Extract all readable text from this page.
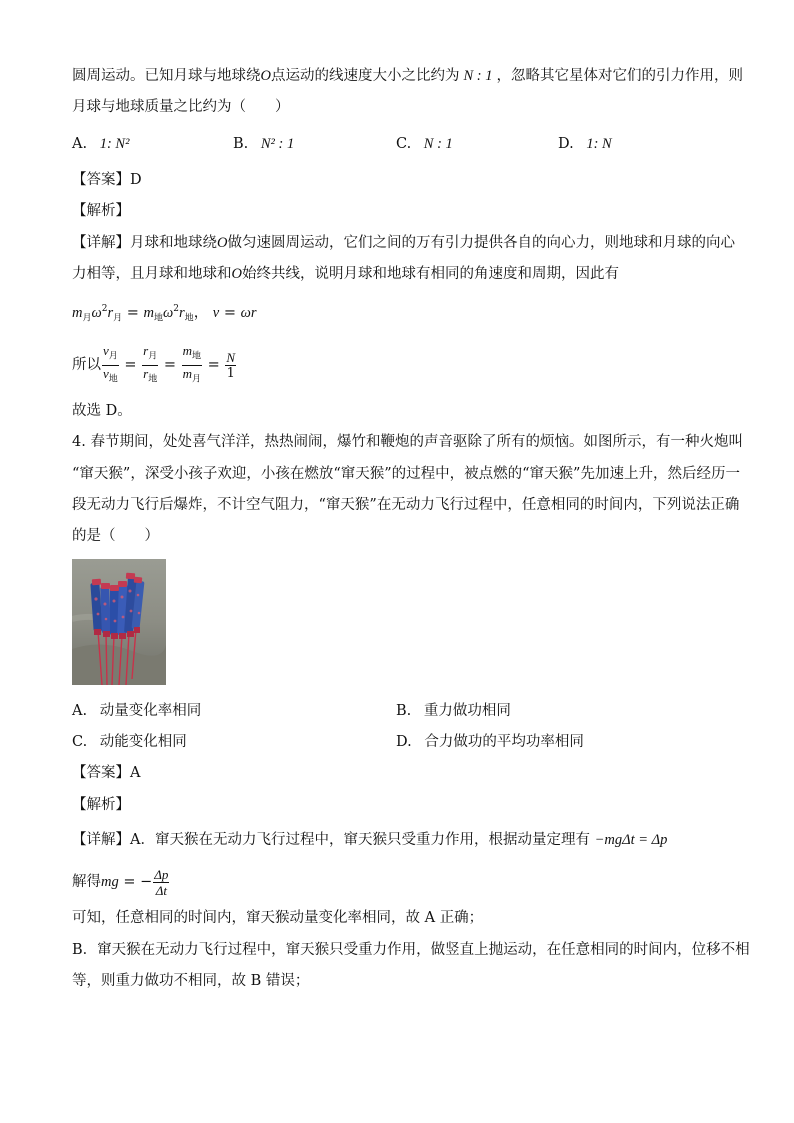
圆周运动。已知月球与地球绕O点运动的线速度大小之比约为 N : 1 ，忽略其它星体对它们的引力作用，则
月球与地球质量之比约为（　　）
A. 1: N²	B. N² : 1	C. N : 1	D. 1: N
【答案】D
【解析】
【详解】月球和地球绕O做匀速圆周运动，它们之间的万有引力提供各自的向心力，则地球和月球的向心
力相等，且月球和地球和O始终共线，说明月球和地球有相同的角速度和周期，因此有
$m_月\omega^2r_月 = m_地\omega^2r_地$， v = ωr
所以 $\frac{v_月}{v_地} = \frac{r_月}{r_地} = \frac{m_地}{m_月} = \frac{N}{1}$
故选 D。
4. 春节期间，处处喜气洋洋，热热闹闹，爆竹和鞭炮的声音驱除了所有的烦恼。如图所示，有一种火炮叫
“窜天猴”，深受小孩子欢迎，小孩在燃放“窜天猴”的过程中，被点燃的“窜天猴”先加速上升，然后经历一
段无动力飞行后爆炸，不计空气阻力，“窜天猴”在无动力飞行过程中，任意相同的时间内，下列说法正确
的是（　　）
A. 动量变化率相同	B. 重力做功相同
C. 动能变化相同	D. 合力做功的平均功率相同
【答案】A
【解析】
【详解】A．窜天猴在无动力飞行过程中，窜天猴只受重力作用，根据动量定理有 −mgΔt = Δp
解得mg = − $\frac{\Delta p}{\Delta t}$
可知，任意相同的时间内，窜天猴动量变化率相同，故 A 正确；
B．窜天猴在无动力飞行过程中，窜天猴只受重力作用，做竖直上抛运动，在任意相同的时间内，位移不相
等，则重力做功不相同，故 B 错误；
